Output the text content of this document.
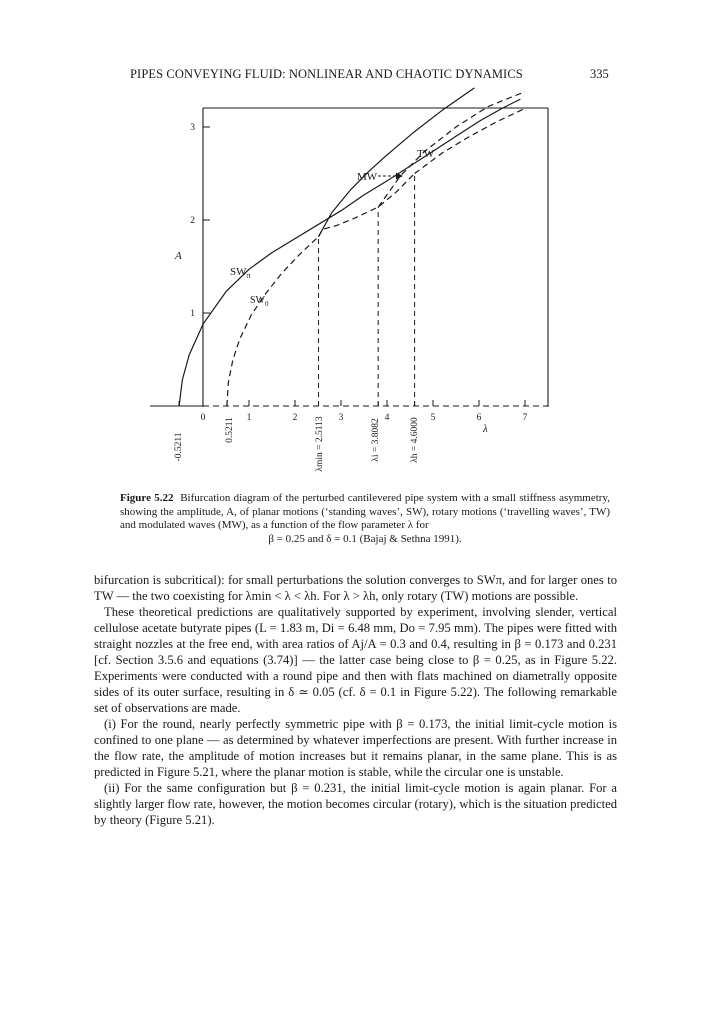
PIPES CONVEYING FLUID: NONLINEAR AND CHAOTIC DYNAMICS	335
1
2
3
0	1	2	3	4	5	6	7
A
λ
TW
MW
$SW_\pi$
$SW_0$
-0.5211
0.5211	λmin = 2.5113	λi = 3.8082	λh = 4.6000
Figure 5.22 Bifurcation diagram of the perturbed cantilevered pipe system with a small stiffness asymmetry, showing the amplitude, A, of planar motions (‘standing waves’, SW), rotary motions (‘travelling waves’, TW) and modulated waves (MW), as a function of the flow parameter λ for
β = 0.25 and δ = 0.1 (Bajaj & Sethna 1991).

bifurcation is subcritical): for small perturbations the solution converges to SWπ, and for larger ones to TW — the two coexisting for λmin < λ < λh. For λ > λh, only rotary (TW) motions are possible.

These theoretical predictions are qualitatively supported by experiment, involving slender, vertical cellulose acetate butyrate pipes (L = 1.83 m, Di = 6.48 mm, Do = 7.95 mm). The pipes were fitted with straight nozzles at the free end, with area ratios of Aj/A = 0.3 and 0.4, resulting in β = 0.173 and 0.231 [cf. Section 3.5.6 and equations (3.74)] — the latter case being close to β = 0.25, as in Figure 5.22. Experiments were conducted with a round pipe and then with flats machined on diametrally opposite sides of its outer surface, resulting in δ ≃ 0.05 (cf. δ = 0.1 in Figure 5.22). The following remarkable set of observations are made.

(i) For the round, nearly perfectly symmetric pipe with β = 0.173, the initial limit-cycle motion is confined to one plane — as determined by whatever imperfections are present. With further increase in the flow rate, the amplitude of motion increases but it remains planar, in the same plane. This is as predicted in Figure 5.21, where the planar motion is stable, while the circular one is unstable.

(ii) For the same configuration but β = 0.231, the initial limit-cycle motion is again planar. For a slightly larger flow rate, however, the motion becomes circular (rotary), which is the situation predicted by theory (Figure 5.21).
